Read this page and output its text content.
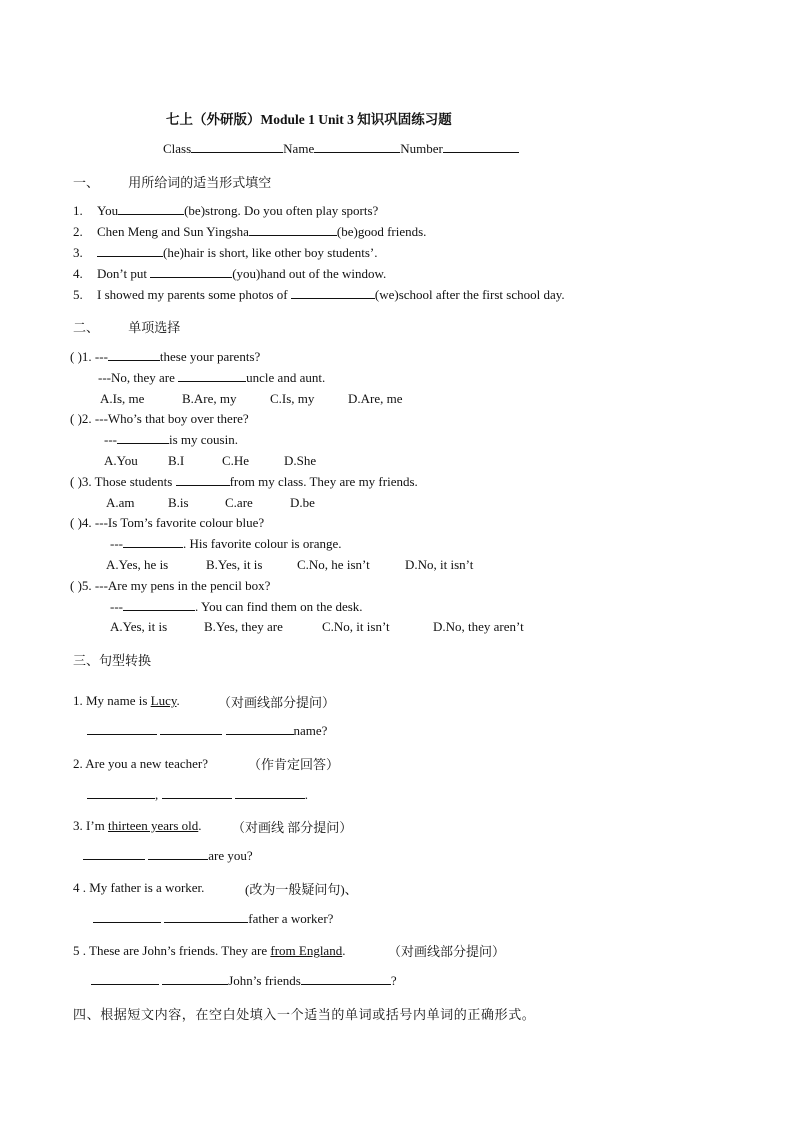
七上（外研版）Module 1 Unit 3 知识巩固练习题
Class	Name	Number
一、 用所给词的适当形式填空
1. You	(be)strong. Do you often play sports?
2. Chen Meng and Sun Yingsha	(be)good friends.
3.	(he)hair is short, like other boy students’.
4. Don’t put	(you)hand out of the window.
5. I showed my parents some photos of	(we)school after the first school day.
二、 单项选择
( )1. ---	these your parents?
---No, they are	uncle and aunt.
A.Is, me	B.Are, my	C.Is, my	D.Are, me
( )2. ---Who’s that boy over there?
---	is my cousin.
A.You B.I	C.He	D.She
( )3. Those students	from my class. They are my friends.
A.am	B.is	C.are	D.be
( )4. ---Is Tom’s favorite colour blue?
---	. His favorite colour is orange.
A.Yes, he is	B.Yes, it is	C.No, he isn’t	D.No, it isn’t
( )5. ---Are my pens in the pencil box?
---	. You can find them on the desk.
A.Yes, it is	B.Yes, they are	C.No, it isn’t	D.No, they aren’t
三、句型转换
1. My name is Lucy.	（对画线部分提问）
name?
2. Are you a new teacher?	（作肯定回答）
,	.
3. I’m thirteen years old. （对画线 部分提问）
are you?
4 . My father is a worker.	(改为一般疑问句)、
father a worker?
5 . These are John’s friends. They are from England.	（对画线部分提问）
John’s friends	?
四、根据短文内容，在空白处填入一个适当的单词或括号内单词的正确形式。
